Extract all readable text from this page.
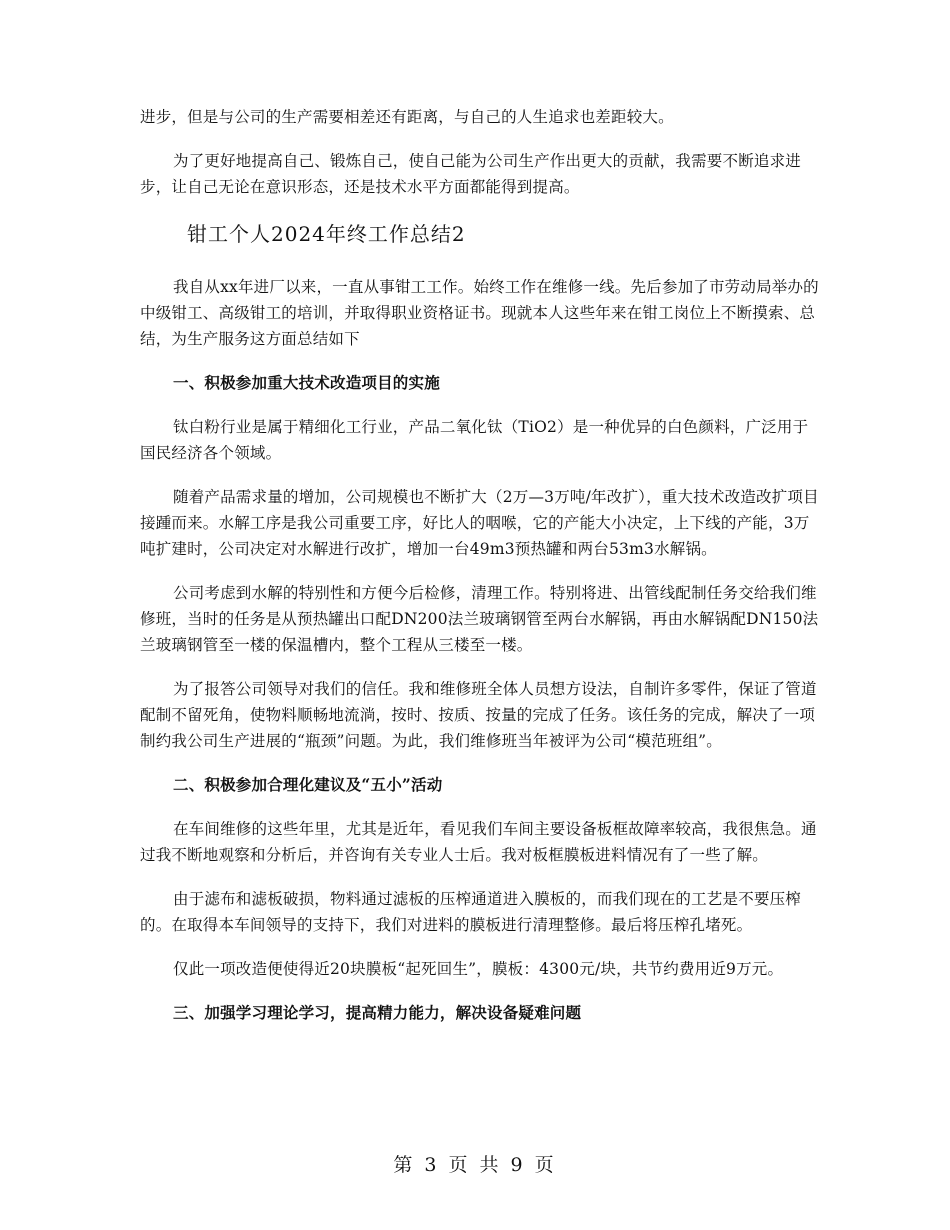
进步，但是与公司的生产需要相差还有距离，与自己的人生追求也差距较大。

为了更好地提高自己、锻炼自己，使自己能为公司生产作出更大的贡献，我需要不断追求进步，让自己无论在意识形态，还是技术水平方面都能得到提高。

钳工个人2024年终工作总结2

我自从xx年进厂以来，一直从事钳工工作。始终工作在维修一线。先后参加了市劳动局举办的中级钳工、高级钳工的培训，并取得职业资格证书。现就本人这些年来在钳工岗位上不断摸索、总结，为生产服务这方面总结如下

一、积极参加重大技术改造项目的实施

钛白粉行业是属于精细化工行业，产品二氧化钛（TiO2）是一种优异的白色颜料，广泛用于国民经济各个领域。

随着产品需求量的增加，公司规模也不断扩大（2万—3万吨/年改扩），重大技术改造改扩项目接踵而来。水解工序是我公司重要工序，好比人的咽喉，它的产能大小决定，上下线的产能，3万吨扩建时，公司决定对水解进行改扩，增加一台49m3预热罐和两台53m3水解锅。

公司考虑到水解的特别性和方便今后检修，清理工作。特别将进、出管线配制任务交给我们维修班，当时的任务是从预热罐出口配DN200法兰玻璃钢管至两台水解锅，再由水解锅配DN150法兰玻璃钢管至一楼的保温槽内，整个工程从三楼至一楼。

为了报答公司领导对我们的信任。我和维修班全体人员想方设法，自制许多零件，保证了管道配制不留死角，使物料顺畅地流淌，按时、按质、按量的完成了任务。该任务的完成，解决了一项制约我公司生产进展的“瓶颈”问题。为此，我们维修班当年被评为公司“模范班组”。

二、积极参加合理化建议及“五小”活动

在车间维修的这些年里，尤其是近年，看见我们车间主要设备板框故障率较高，我很焦急。通过我不断地观察和分析后，并咨询有关专业人士后。我对板框膜板进料情况有了一些了解。

由于滤布和滤板破损，物料通过滤板的压榨通道进入膜板的，而我们现在的工艺是不要压榨的。在取得本车间领导的支持下，我们对进料的膜板进行清理整修。最后将压榨孔堵死。

仅此一项改造便使得近20块膜板“起死回生”，膜板：4300元/块，共节约费用近9万元。

三、加强学习理论学习，提高精力能力，解决设备疑难问题

第 3 页 共 9 页
